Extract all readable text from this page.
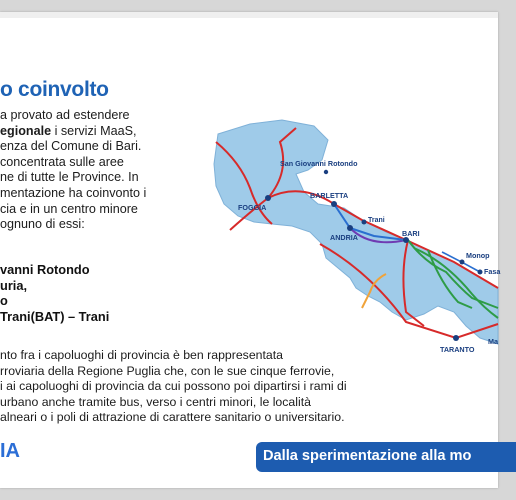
o coinvolto
a provato ad estendere
egionale i servizi MaaS,
enza del Comune di Bari.
concentrata sulle aree
ne di tutte le Province. In
mentazione ha coinvonto i
cia e in un centro minore
ognuno di essi:
vanni Rotondo
uria,
o
Trani(BAT) – Trani
nto fra i capoluoghi di provincia è ben rappresentata
rroviaria della Regione Puglia che, con le sue cinque ferrovie,
i ai capoluoghi di provincia da cui possono poi dipartirsi i rami di
urbano anche tramite bus, verso i centri minori, le località
alneari o i poli di attrazione di carattere sanitario o universitario.
IA	Dalla sperimentazione alla mo
San Giovanni Rotondo
FOGGIA
BARLETTA
Trani
ANDRIA	BARI
Monop
Fasa
TARANTO
Ma
